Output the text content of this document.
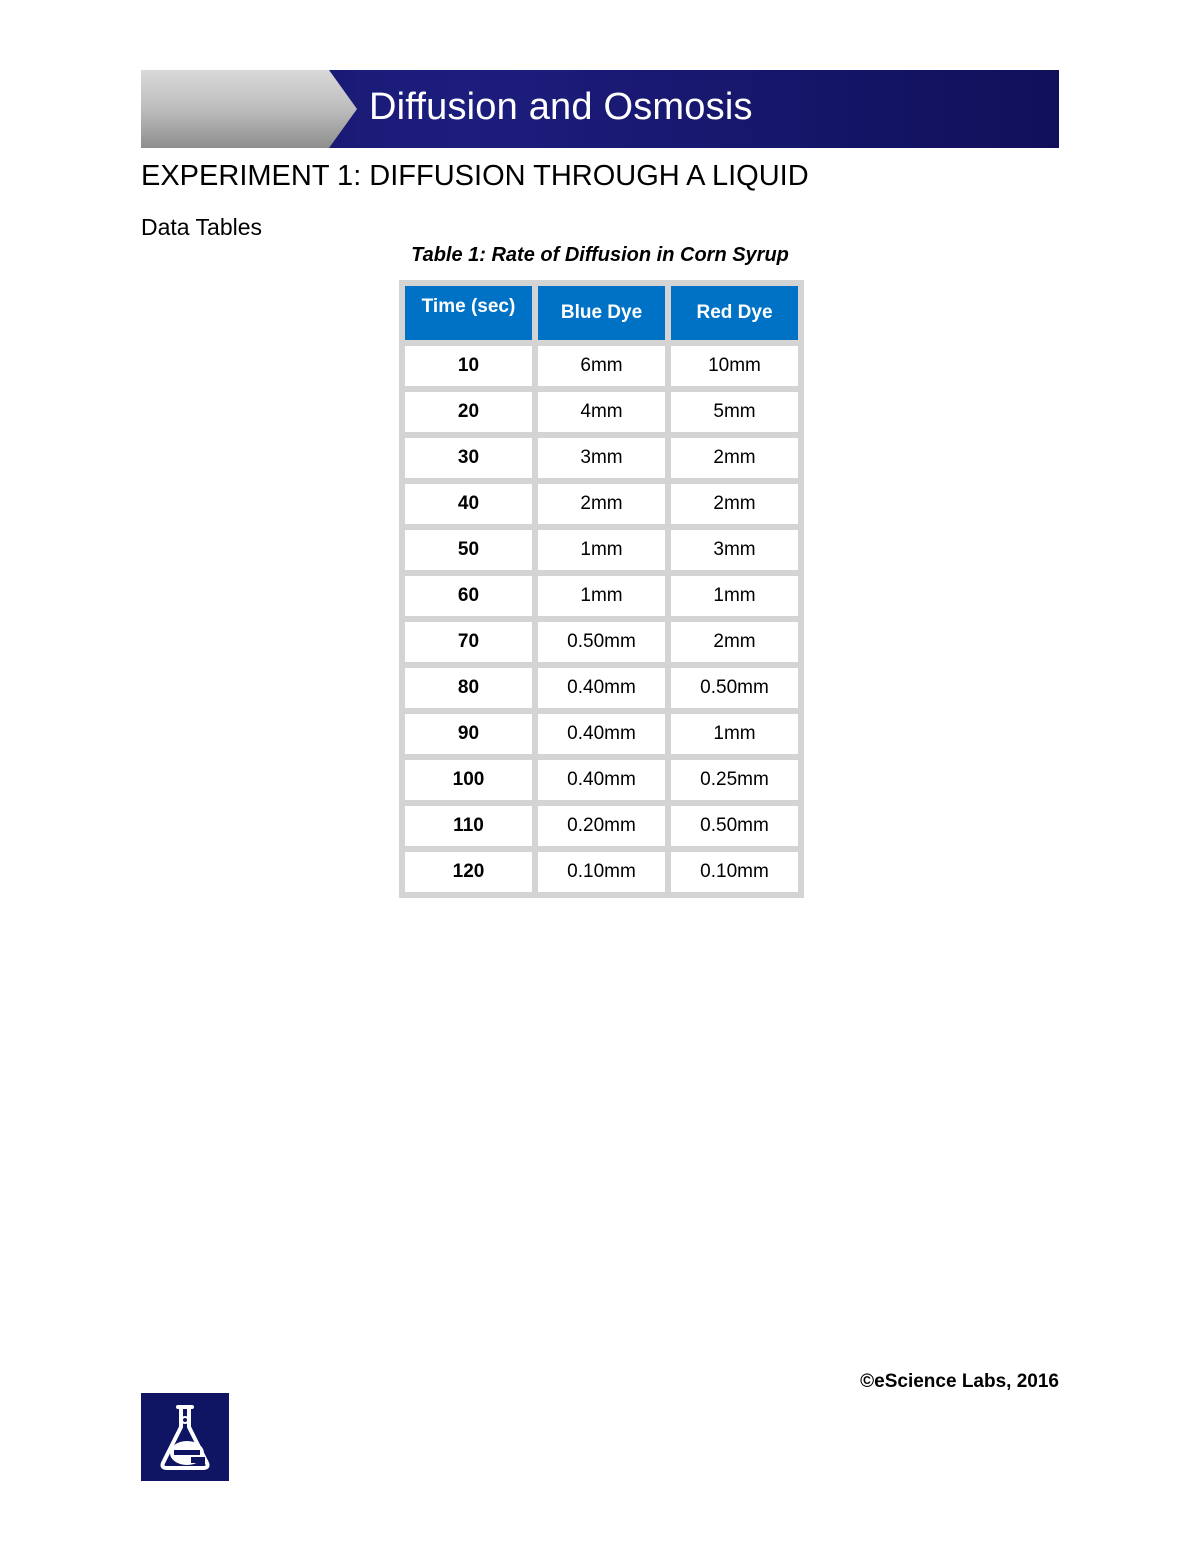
Diffusion and Osmosis
EXPERIMENT 1: DIFFUSION THROUGH A LIQUID
Data Tables
Table 1: Rate of Diffusion in Corn Syrup
Time (sec)	Blue Dye	Red Dye
10	6mm	10mm
20	4mm	5mm
30	3mm	2mm
40	2mm	2mm
50	1mm	3mm
60	1mm	1mm
70	0.50mm	2mm
80	0.40mm	0.50mm
90	0.40mm	1mm
100	0.40mm	0.25mm
110	0.20mm	0.50mm
120	0.10mm	0.10mm
©eScience Labs, 2016
